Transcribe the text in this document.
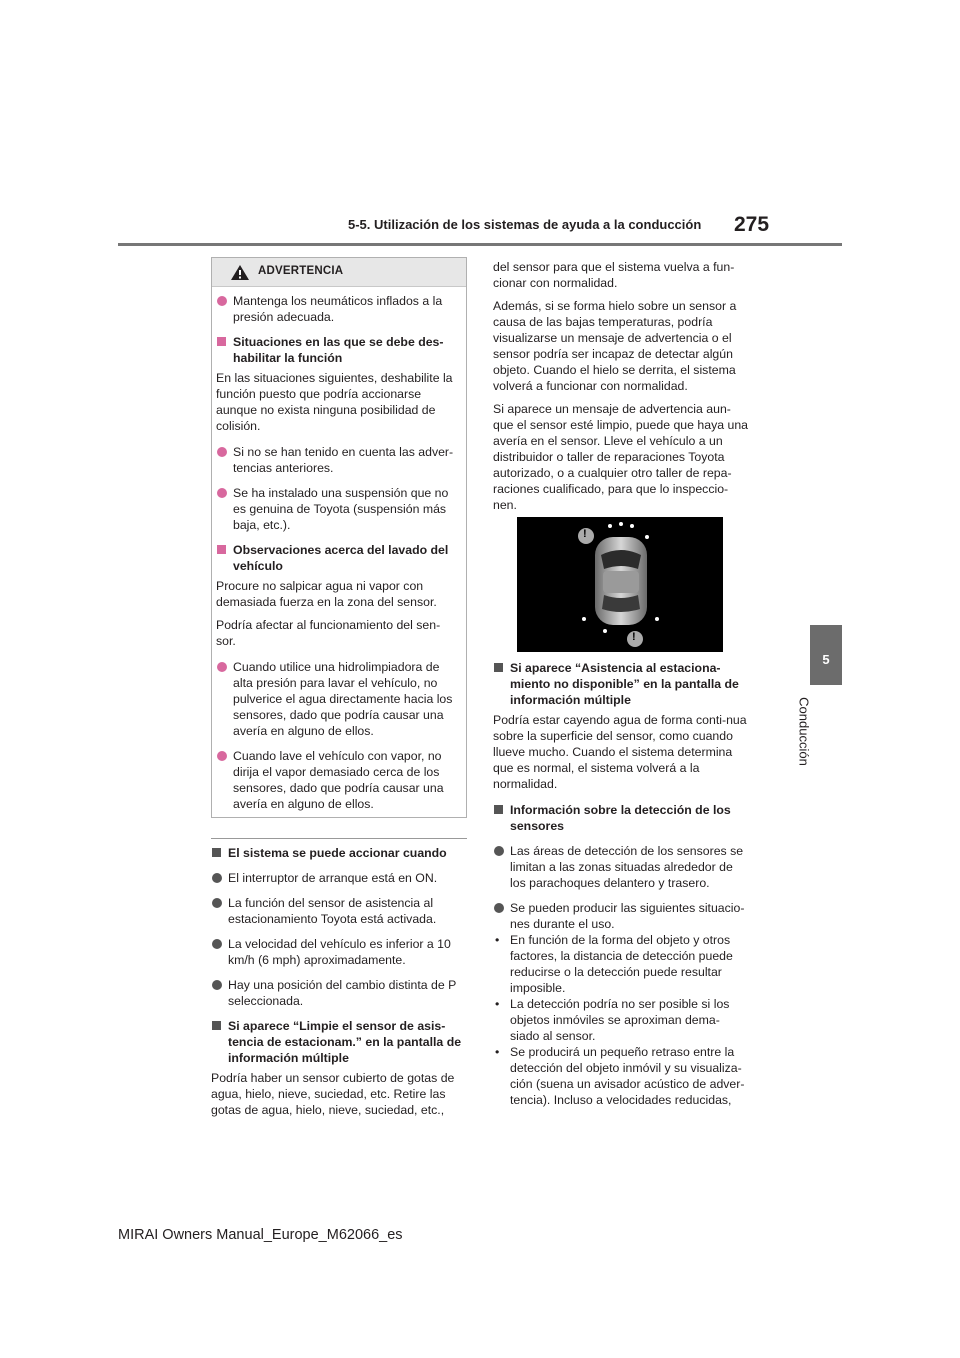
5-5. Utilización de los sistemas de ayuda a la conducción 275
5
Conducción
ADVERTENCIA
Mantenga los neumáticos inflados a la presión adecuada.
Situaciones en las que se debe des-habilitar la función

En las situaciones siguientes, deshabilite la función puesto que podría accionarse aunque no exista ninguna posibilidad de colisión.

Si no se han tenido en cuenta las adver-tencias anteriores.
Se ha instalado una suspensión que no es genuina de Toyota (suspensión más baja, etc.).
Observaciones acerca del lavado del vehículo

Procure no salpicar agua ni vapor con demasiada fuerza en la zona del sensor.

Podría afectar al funcionamiento del sen-sor.

Cuando utilice una hidrolimpiadora de alta presión para lavar el vehículo, no pulverice el agua directamente hacia los sensores, dado que podría causar una avería en alguno de ellos.
Cuando lave el vehículo con vapor, no dirija el vapor demasiado cerca de los sensores, dado que podría causar una avería en alguno de ellos.
El sistema se puede accionar cuando
El interruptor de arranque está en ON.
La función del sensor de asistencia al estacionamiento Toyota está activada.
La velocidad del vehículo es inferior a 10 km/h (6 mph) aproximadamente.
Hay una posición del cambio distinta de P seleccionada.
Si aparece “Limpie el sensor de asis-tencia de estacionam.” en la pantalla de información múltiple

Podría haber un sensor cubierto de gotas de agua, hielo, nieve, suciedad, etc. Retire las gotas de agua, hielo, nieve, suciedad, etc.,

del sensor para que el sistema vuelva a fun-cionar con normalidad.

Además, si se forma hielo sobre un sensor a causa de las bajas temperaturas, podría visualizarse un mensaje de advertencia o el sensor podría ser incapaz de detectar algún objeto. Cuando el hielo se derrita, el sistema volverá a funcionar con normalidad.

Si aparece un mensaje de advertencia aun-que el sensor esté limpio, puede que haya una avería en el sensor. Lleve el vehículo a un distribuidor o taller de reparaciones Toyota autorizado, o a cualquier otro taller de repa-raciones cualificado, para que lo inspeccio-nen.

!
!
Si aparece “Asistencia al estaciona-miento no disponible” en la pantalla de información múltiple

Podría estar cayendo agua de forma conti-nua sobre la superficie del sensor, como cuando llueve mucho. Cuando el sistema determina que es normal, el sistema volverá a la normalidad.

Información sobre la detección de los sensores
Las áreas de detección de los sensores se limitan a las zonas situadas alrededor de los parachoques delantero y trasero.
Se pueden producir las siguientes situacio-nes durante el uso.
• En función de la forma del objeto y otros factores, la distancia de detección puede reducirse o la detección puede resultar imposible.
• La detección podría no ser posible si los objetos inmóviles se aproximan dema-siado al sensor.
• Se producirá un pequeño retraso entre la detección del objeto inmóvil y su visualiza-ción (suena un avisador acústico de adver-tencia). Incluso a velocidades reducidas,
MIRAI Owners Manual_Europe_M62066_es
